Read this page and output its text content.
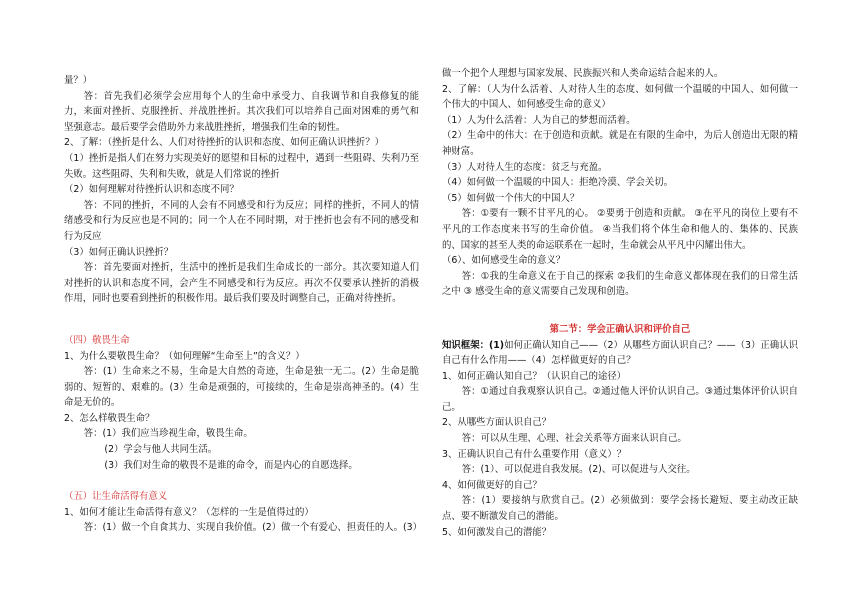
量？）

答：首先我们必须学会应用每个人的生命中承受力、自我调节和自我修复的能力，来面对挫折、克服挫折、并战胜挫折。其次我们可以培养自己面对困难的勇气和坚强意志。最后要学会借助外力来战胜挫折，增强我们生命的韧性。

2、了解：（挫折是什么、人们对待挫折的认识和态度、如何正确认识挫折？）

（1）挫折是指人们在努力实现美好的愿望和目标的过程中，遇到一些阻碍、失利乃至失败。这些阻碍、失利和失败，就是人们常说的挫折

（2）如何理解对待挫折认识和态度不同？

答：不同的挫折，不同的人会有不同感受和行为反应；同样的挫折，不同人的情绪感受和行为反应也是不同的；同一个人在不同时期，对于挫折也会有不同的感受和行为反应

（3）如何正确认识挫折？

答：首先要面对挫折，生活中的挫折是我们生命成长的一部分。其次要知道人们对挫折的认识和态度不同，会产生不同感受和行为反应。再次不仅要承认挫折的消极作用，同时也要看到挫折的积极作用。最后我们要及时调整自己，正确对待挫折。

（四）敬畏生命

1、为什么要敬畏生命？（如何理解“生命至上”的含义？）

答：(1）生命来之不易，生命是大自然的奇迹，生命是独一无二。(2）生命是脆弱的、短暂的、艰难的。(3）生命是顽强的，可接续的，生命是崇高神圣的。(4）生命是无价的。

2、怎么样敬畏生命？

答：(1）我们应当珍视生命，敬畏生命。

(2）学会与他人共同生活。

(3）我们对生命的敬畏不是谁的命令，而是内心的自愿选择。

（五）让生命活得有意义

1、如何才能让生命活得有意义？（怎样的一生是值得过的）

答：(1）做一个自食其力、实现自我价值。(2）做一个有爱心、担责任的人。(3）

做一个把个人理想与国家发展、民族振兴和人类命运结合起来的人。

2、了解：（人为什么活着、人对待人生的态度、如何做一个温暖的中国人、如何做一个伟大的中国人、如何感受生命的意义）

（1）人为什么活着：人为自己的梦想而活着。

（2）生命中的伟大：在于创造和贡献。就是在有限的生命中，为后人创造出无限的精神财富。

（3）人对待人生的态度：贫乏与充盈。

（4）如何做一个温暖的中国人：拒绝冷漠、学会关切。

（5）如何做一个伟大的中国人？

答：①要有一颗不甘平凡的心。 ②要勇于创造和贡献。 ③在平凡的岗位上要有不平凡的工作态度来书写的生命价值。 ④当我们将个体生命和他人的、集体的、民族的、国家的甚至人类的命运联系在一起时，生命就会从平凡中闪耀出伟大。

（6）、如何感受生命的意义？

答：①我的生命意义在于自己的探索 ②我们的生命意义都体现在我们的日常生活之中 ③ 感受生命的意义需要自己发现和创造。

第二节：学会正确认识和评价自己

知识框架：(1)如何正确认知自己——（2）从哪些方面认识自己？——（3）正确认识自己有什么作用——（4）怎样做更好的自己？

1、如何正确认知自己？（认识自己的途径）

答：①通过自我观察认识自己。②通过他人评价认识自己。③通过集体评价认识自己。

2、从哪些方面认识自己？

答：可以从生理、心理、社会关系等方面来认识自己。

3、正确认识自己有什么重要作用（意义）？

答：(1）、可以促进自我发展。(2)、可以促进与人交往。

4、如何做更好的自己？

答：(1）要接纳与欣赏自己。(2）必须做到：要学会扬长避短、要主动改正缺点、要不断激发自己的潜能。

5、如何激发自己的潜能？
